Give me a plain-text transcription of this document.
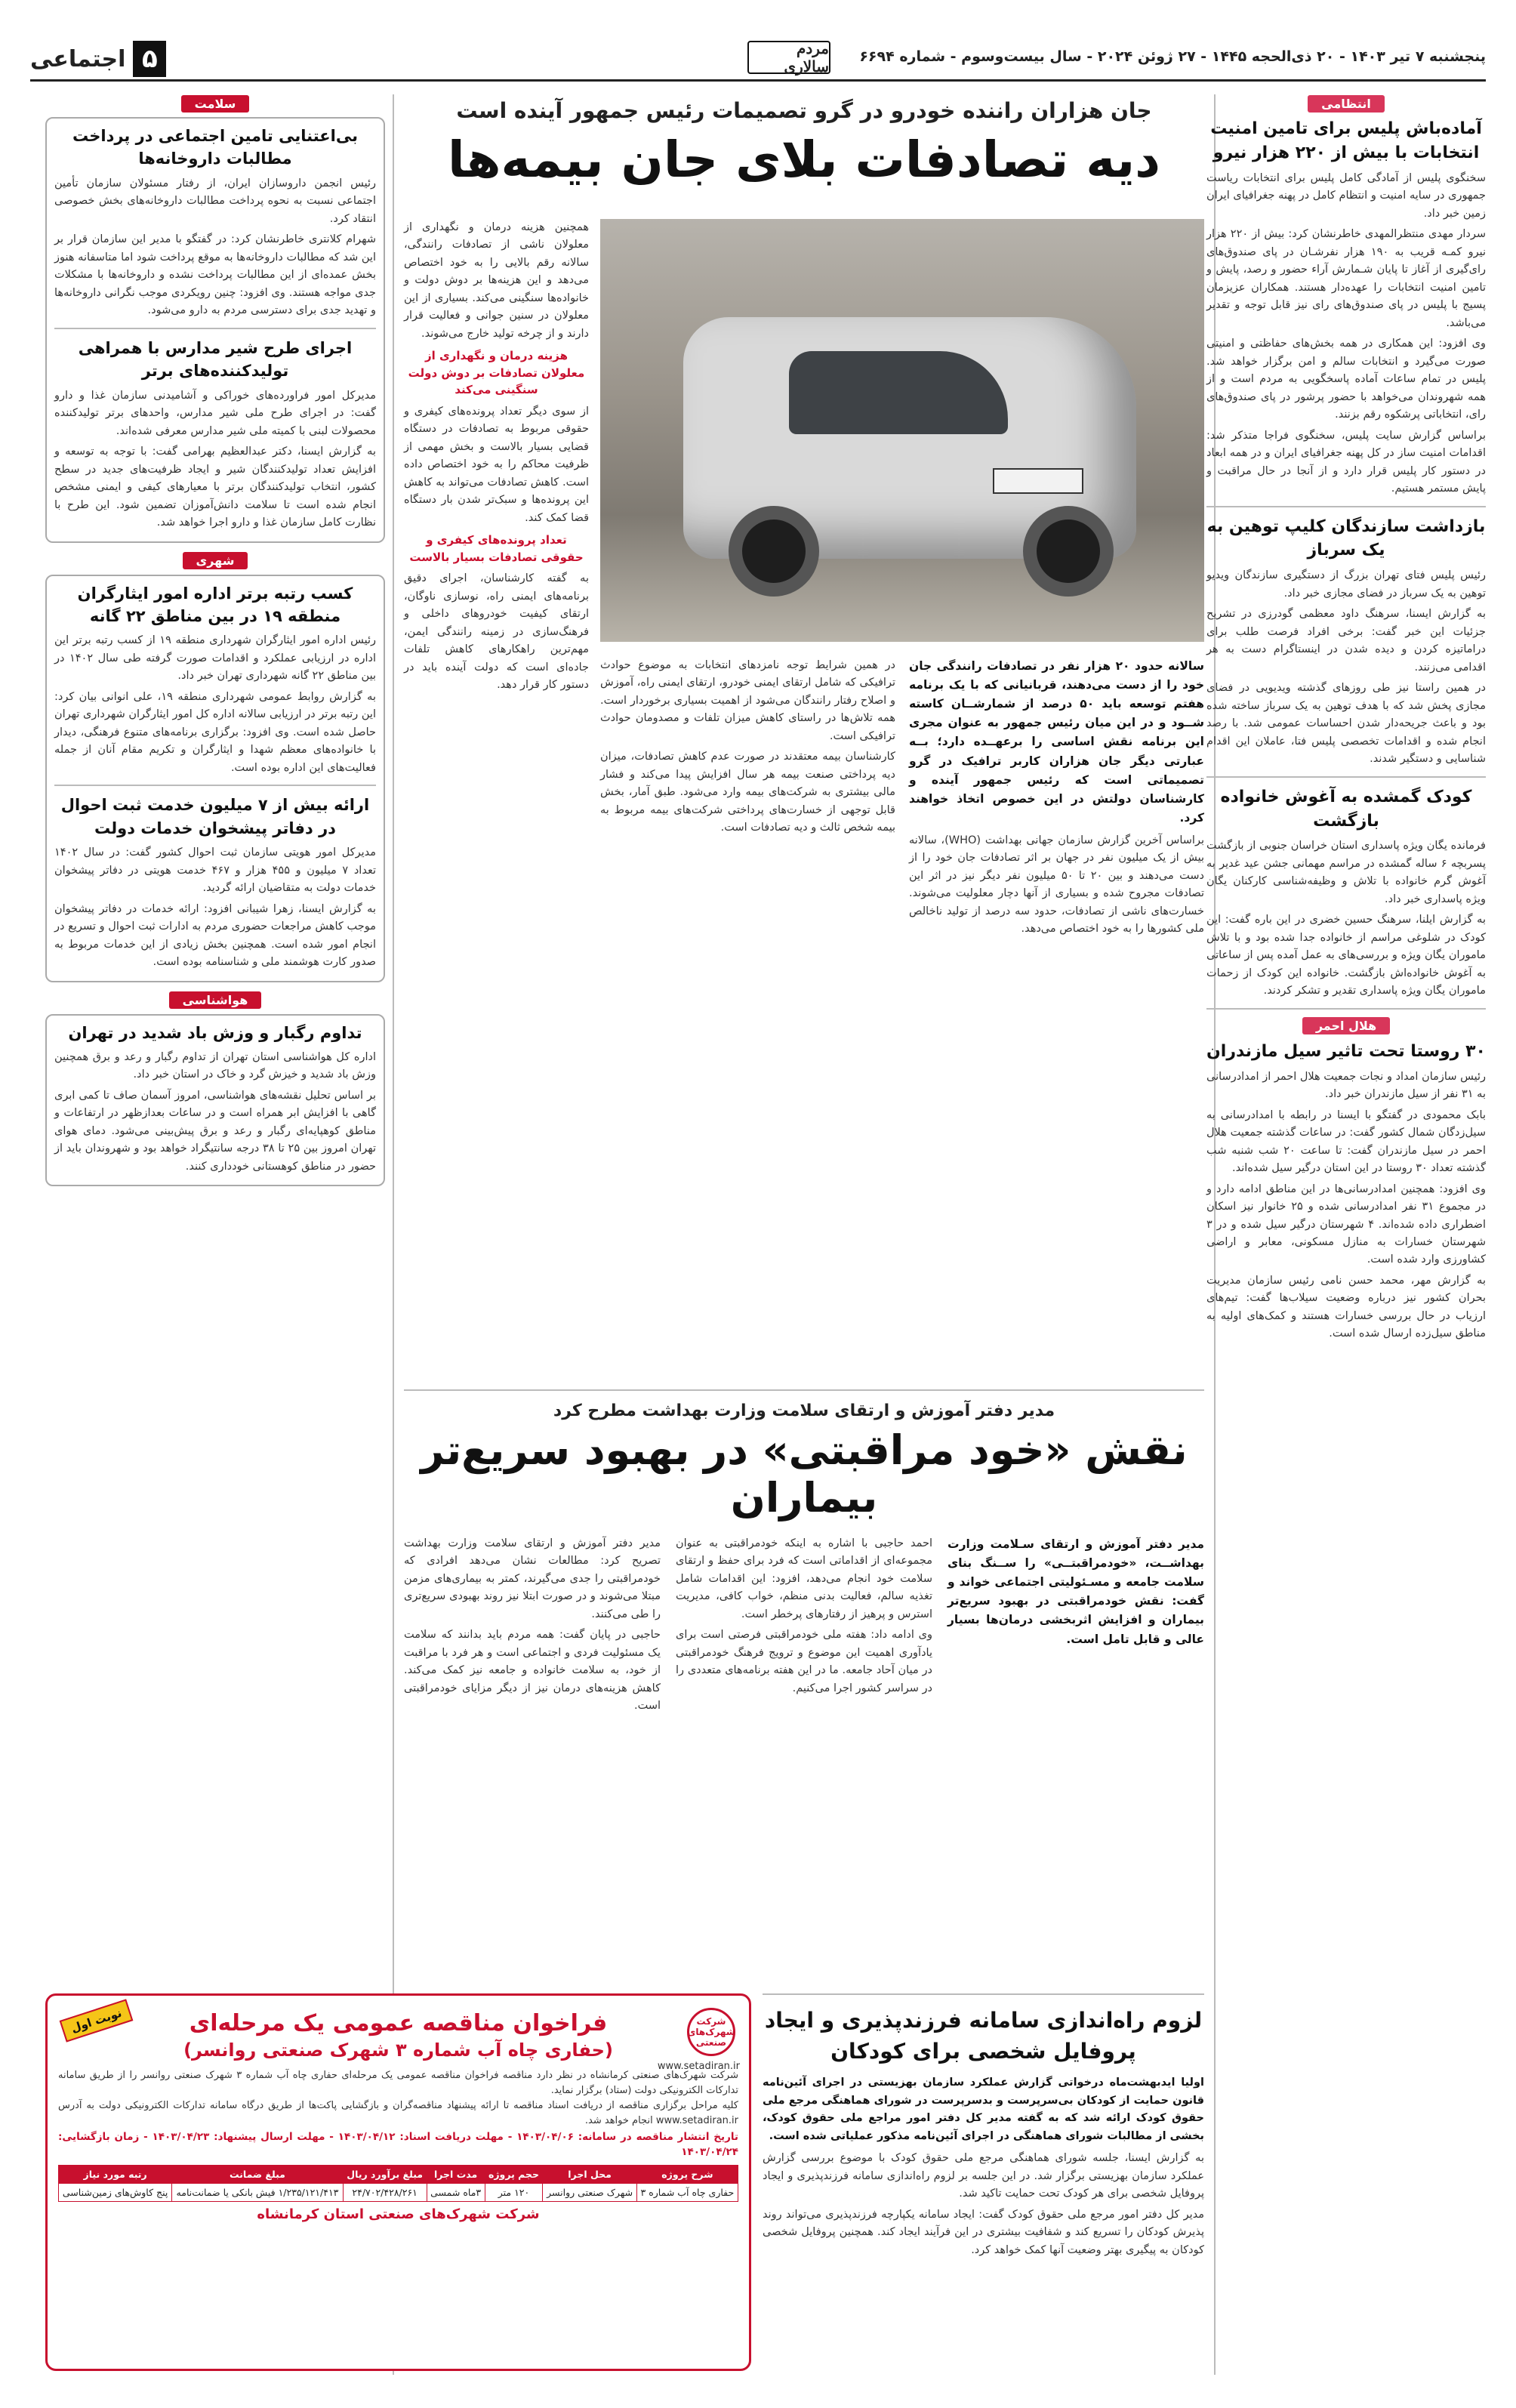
۵
اجتماعی	مردم سالاری
پنجشنبه ۷ تیر ۱۴۰۳ - ۲۰ ذی‌الحجه ۱۴۴۵ - ۲۷ ژوئن ۲۰۲۴ - سال بیست‌وسوم - شماره ۶۶۹۴
انتظامی
آماده‌باش پلیس برای تامین امنیت انتخابات با بیش از ۲۲۰ هزار نیرو

سخنگوی پلیس از آمادگی کامل پلیس برای انتخابات ریاست جمهوری در سایه امنیت و انتظام کامل در پهنه جغرافیای ایران زمین خبر داد.

سردار مهدی منتظرالمهدی خاطرنشان کرد: بیش از ۲۲۰ هزار نیرو کمـه قریب به ۱۹۰ هزار نفرشـان در پای صندوق‌های رای‌گیری از آغاز تا پایان شـمارش آراء حضور و رصد، پایش و تامین امنیت انتخابات را عهده‌دار هستند. همکاران عزیزمان پسیج با پلیس در پای صندوق‌های رای نیز قابل توجه و تقدیر می‌باشد.

وی افزود: این همکاری در همه بخش‌های حفاظتی و امنیتی صورت می‌گیرد و انتخابات سالم و امن برگزار خواهد شد. پلیس در تمام ساعات آماده پاسخگویی به مردم است و از همه شهروندان می‌خواهد با حضور پرشور در پای صندوق‌های رای، انتخاباتی پرشکوه رقم بزنند.

براساس گزارش سایت پلیس، سخنگوی فراجا متذکر شد: اقدامات امنیت ساز در کل پهنه جغرافیای ایران و در همه ابعاد در دستور کار پلیس قرار دارد و از آنجا در حال مراقبت و پایش مستمر هستیم.

بازداشت سازندگان کلیپ توهین به یک سرباز

رئیس پلیس فتای تهران بزرگ از دستگیری سازندگان ویدیو توهین به یک سرباز در فضای مجازی خبر داد.

به گزارش ایسنا، سرهنگ داود معظمی گودرزی در تشریح جزئیات این خبر گفت: برخی افراد فرصت طلب برای دراماتیزه کردن و دیده شدن در اینستاگرام دست به هر اقدامی می‌زنند.

در همین راستا نیز طی روزهای گذشته ویدیویی در فضای مجازی پخش شد که با هدف توهین به یک سرباز ساخته شده بود و باعث جریحه‌دار شدن احساسات عمومی شد. با رصد انجام شده و اقدامات تخصصی پلیس فتا، عاملان این اقدام شناسایی و دستگیر شدند.

کودک گمشده به آغوش خانواده بازگشت

فرمانده یگان ویژه پاسداری استان خراسان جنوبی از بازگشت پسربچه ۶ ساله گمشده در مراسم مهمانی جشن عید غدیر به آغوش گرم خانواده با تلاش و وظیفه‌شناسی کارکنان یگان ویژه پاسداری خبر داد.

به گزارش ایلنا، سرهنگ حسین خضری در این باره گفت: این کودک در شلوغی مراسم از خانواده جدا شده بود و با تلاش ماموران یگان ویژه و بررسی‌های به عمل آمده پس از ساعاتی به آغوش خانواده‌اش بازگشت. خانواده این کودک از زحمات ماموران یگان ویژه پاسداری تقدیر و تشکر کردند.

هلال احمر
۳۰ روستا تحت تاثیر سیل مازندران

رئیس سازمان امداد و نجات جمعیت هلال احمر از امدادرسانی به ۳۱ نفر از سیل مازندران خبر داد.

بابک محمودی در گفتگو با ایسنا در رابطه با امدادرسانی به سیل‌زدگان شمال کشور گفت: در ساعات گذشته جمعیت هلال احمر در سیل مازندران گفت: تا ساعت ۲۰ شب شنبه شب گذشته تعداد ۳۰ روستا در این استان درگیر سیل شده‌اند.

وی افزود: همچنین امدادرسانی‌ها در این مناطق ادامه دارد و در مجموع ۳۱ نفر امدادرسانی شده و ۲۵ خانوار نیز اسکان اضطراری داده شده‌اند. ۴ شهرستان درگیر سیل شده و در ۳ شهرستان خسارات به منازل مسکونی، معابر و اراضی کشاورزی وارد شده است.

به گزارش مهر، محمد حسن نامی رئیس سازمان مدیریت بحران کشور نیز درباره وضعیت سیلاب‌ها گفت: تیم‌های ارزیاب در حال بررسی خسارات هستند و کمک‌های اولیه به مناطق سیل‌زده ارسال شده است.

جان هزاران راننده خودرو در گرو تصمیمات رئیس جمهور آینده است
دیه تصادفات بلای جان بیمه‌ها

همچنین هزینه درمان و نگهداری از معلولان ناشی از تصادفات رانندگی، سالانه رقم بالایی را به خود اختصاص می‌دهد و این هزینه‌ها بر دوش دولت و خانواده‌ها سنگینی می‌کند. بسیاری از این معلولان در سنین جوانی و فعالیت قرار دارند و از چرخه تولید خارج می‌شوند.

هزینه درمان و نگهداری از معلولان تصادفات بر دوش دولت سنگینی می‌کند

از سوی دیگر تعداد پرونده‌های کیفری و حقوقی مربوط به تصادفات در دستگاه قضایی بسیار بالاست و بخش مهمی از ظرفیت محاکم را به خود اختصاص داده است. کاهش تصادفات می‌تواند به کاهش این پرونده‌ها و سبک‌تر شدن بار دستگاه قضا کمک کند.

تعداد پرونده‌های کیفری و حقوقی تصادفات بسیار بالاست

به گفته کارشناسان، اجرای دقیق برنامه‌های ایمنی راه، نوسازی ناوگان، ارتقای کیفیت خودروهای داخلی و فرهنگ‌سازی در زمینه رانندگی ایمن، مهم‌ترین راهکارهای کاهش تلفات جاده‌ای است که دولت آینده باید در دستور کار قرار دهد.

سالانه حدود ۲۰ هزار نفر در تصادفات رانندگی جان خود را از دست می‌دهند، قربانیانی که با یک برنامه هفتم توسعه باید ۵۰ درصد از شمارشــان کاسته شــود و در این میان رئیس جمهور به عنوان مجری این برنامه نقش اساسی را برعهــده دارد؛ بــه عبارتی دیگر جان هزاران کاربر ترافیک در گرو تصمیماتی است که رئیس جمهور آینده و کارشناسان دولتش در این خصوص اتخاذ خواهند کرد.

براساس آخرین گزارش سازمان جهانی بهداشت (WHO)، سالانه بیش از یک میلیون نفر در جهان بر اثر تصادفات جان خود را از دست می‌دهند و بین ۲۰ تا ۵۰ میلیون نفر دیگر نیز در اثر این تصادفات مجروح شده و بسیاری از آنها دچار معلولیت می‌شوند. خسارت‌های ناشی از تصادفات، حدود سه درصد از تولید ناخالص ملی کشورها را به خود اختصاص می‌دهد.

در همین شرایط توجه نامزدهای انتخابات به موضوع حوادث ترافیکی که شامل ارتقای ایمنی خودرو، ارتقای ایمنی راه، آموزش و اصلاح رفتار رانندگان می‌شود از اهمیت بسیاری برخوردار است. همه تلاش‌ها در راستای کاهش میزان تلفات و مصدومان حوادث ترافیکی است.

کارشناسان بیمه معتقدند در صورت عدم کاهش تصادفات، میزان دیه پرداختی صنعت بیمه هر سال افزایش پیدا می‌کند و فشار مالی بیشتری به شرکت‌های بیمه وارد می‌شود. طبق آمار، بخش قابل توجهی از خسارت‌های پرداختی شرکت‌های بیمه مربوط به بیمه شخص ثالث و دیه تصادفات است.

مدیر دفتر آموزش و ارتقای سلامت وزارت بهداشت مطرح کرد
نقش «خود مراقبتی» در بهبود سریع‌تر بیماران
مدیر دفتر آموزش و ارتقای سـلامت وزارت بهداشــت، «خودمراقبتــی» را ســنگ بنای سلامت جامعه و مسـئولیتی اجتماعی خواند و گفت: نقش خودمراقبتی در بهبود سریع‌تر بیماران و افزایش اثربخشی درمان‌ها بسیار عالی و قابل تامل است.

احمد حاجبی با اشاره به اینکه خودمراقبتی به عنوان مجموعه‌ای از اقداماتی است که فرد برای حفظ و ارتقای سلامت خود انجام می‌دهد، افزود: این اقدامات شامل تغذیه سالم، فعالیت بدنی منظم، خواب کافی، مدیریت استرس و پرهیز از رفتارهای پرخطر است.

وی ادامه داد: هفته ملی خودمراقبتی فرصتی است برای یادآوری اهمیت این موضوع و ترویج فرهنگ خودمراقبتی در میان آحاد جامعه. ما در این هفته برنامه‌های متعددی را در سراسر کشور اجرا می‌کنیم.

مدیر دفتر آموزش و ارتقای سلامت وزارت بهداشت تصریح کرد: مطالعات نشان می‌دهد افرادی که خودمراقبتی را جدی می‌گیرند، کمتر به بیماری‌های مزمن مبتلا می‌شوند و در صورت ابتلا نیز روند بهبودی سریع‌تری را طی می‌کنند.

حاجبی در پایان گفت: همه مردم باید بدانند که سلامت یک مسئولیت فردی و اجتماعی است و هر فرد با مراقبت از خود، به سلامت خانواده و جامعه نیز کمک می‌کند. کاهش هزینه‌های درمان نیز از دیگر مزایای خودمراقبتی است.

لزوم راه‌اندازی سامانه فرزندپذیری و ایجاد پروفایل شخصی برای کودکان
اولیا ایدبهشت‌ماه درخواتی گزارش عملکرد سازمان بهزیستی در اجرای آئین‌نامه قانون حمایت از کودکان بی‌سرپرست و بدسرپرست در شورای هماهنگی مرجع ملی حقوق کودک ارائه شد که به گفته مدیر کل دفتر امور مراجع ملی حقوق کودک، بخشی از مطالبات شورای هماهنگی در اجرای آئین‌نامه مذکور عملیاتی شده است.

به گزارش ایسنا، جلسه شورای هماهنگی مرجع ملی حقوق کودک با موضوع بررسی گزارش عملکرد سازمان بهزیستی برگزار شد. در این جلسه بر لزوم راه‌اندازی سامانه فرزندپذیری و ایجاد پروفایل شخصی برای هر کودک تحت حمایت تاکید شد.

مدیر کل دفتر امور مرجع ملی حقوق کودک گفت: ایجاد سامانه یکپارچه فرزندپذیری می‌تواند روند پذیرش کودکان را تسریع کند و شفافیت بیشتری در این فرآیند ایجاد کند. همچنین پروفایل شخصی کودکان به پیگیری بهتر وضعیت آنها کمک خواهد کرد.

نوبت اول	شرکت شهرک‌های صنعتی
www.setadiran.ir
فراخوان مناقصه عمومی یک مرحله‌ای
(حفاری چاه آب شماره ۳ شهرک صنعتی روانسر)

شرکت شهرک‌های صنعتی کرمانشاه در نظر دارد مناقصه فراخوان مناقصه عمومی یک مرحله‌ای حفاری چاه آب شماره ۳ شهرک صنعتی روانسر را از طریق سامانه تدارکات الکترونیکی دولت (ستاد) برگزار نماید.

کلیه مراحل برگزاری مناقصه از دریافت اسناد مناقصه تا ارائه پیشنهاد مناقصه‌گران و بازگشایی پاکت‌ها از طریق درگاه سامانه تدارکات الکترونیکی دولت به آدرس www.setadiran.ir انجام خواهد شد.

تاریخ انتشار مناقصه در سامانه: ۱۴۰۳/۰۴/۰۶ - مهلت دریافت اسناد: ۱۴۰۳/۰۴/۱۲ - مهلت ارسال پیشنهاد: ۱۴۰۳/۰۴/۲۳ - زمان بازگشایی: ۱۴۰۳/۰۴/۲۴

شرح پروژه	محل اجرا	حجم پروژه	مدت اجرا	مبلغ برآورد ریال	مبلغ ضمانت	رتبه مورد نیاز
حفاری چاه آب شماره ۳	شهرک صنعتی روانسر	۱۲۰ متر	۳ماه شمسی	۲۴/۷۰۲/۴۲۸/۲۶۱	۱/۲۳۵/۱۲۱/۴۱۳ فیش بانکی یا ضمانت‌نامه	پنج کاوش‌های زمین‌شناسی
شرکت شهرک‌های صنعتی استان کرمانشاه
سلامت
بی‌اعتنایی تامین اجتماعی در پرداخت مطالبات داروخانه‌ها

رئیس انجمن داروسازان ایران، از رفتار مسئولان سازمان تأمین اجتماعی نسبت به نحوه پرداخت مطالبات داروخانه‌های بخش خصوصی انتقاد کرد.

شهرام کلانتری خاطرنشان کرد: در گفتگو با مدیر این سازمان قرار بر این شد که مطالبات داروخانه‌ها به موقع پرداخت شود اما متاسفانه هنوز بخش عمده‌ای از این مطالبات پرداخت نشده و داروخانه‌ها با مشکلات جدی مواجه هستند. وی افزود: چنین رویکردی موجب نگرانی داروخانه‌ها و تهدید جدی برای دسترسی مردم به دارو می‌شود.

اجرای طرح شیر مدارس با همراهی تولیدکننده‌های برتر

مدیرکل امور فراورده‌های خوراکی و آشامیدنی سازمان غذا و دارو گفت: در اجرای طرح ملی شیر مدارس، واحدهای برتر تولیدکننده محصولات لبنی با کمیته ملی شیر مدارس معرفی شده‌اند.

به گزارش ایسنا، دکتر عبدالعظیم بهرامی گفت: با توجه به توسعه و افزایش تعداد تولیدکنندگان شیر و ایجاد ظرفیت‌های جدید در سطح کشور، انتخاب تولیدکنندگان برتر با معیارهای کیفی و ایمنی مشخص انجام شده است تا سلامت دانش‌آموزان تضمین شود. این طرح با نظارت کامل سازمان غذا و دارو اجرا خواهد شد.

شهری
کسب رتبه برتر اداره امور ایثارگران منطقه ۱۹ در بین مناطق ۲۲ گانه

رئیس اداره امور ایثارگران شهرداری منطقه ۱۹ از کسب رتبه برتر این اداره در ارزیابی عملکرد و اقدامات صورت گرفته طی سال ۱۴۰۲ در بین مناطق ۲۲ گانه شهرداری تهران خبر داد.

به گزارش روابط عمومی شهرداری منطقه ۱۹، علی انوانی بیان کرد: این رتبه برتر در ارزیابی سالانه اداره کل امور ایثارگران شهرداری تهران حاصل شده است. وی افزود: برگزاری برنامه‌های متنوع فرهنگی، دیدار با خانواده‌های معظم شهدا و ایثارگران و تکریم مقام آنان از جمله فعالیت‌های این اداره بوده است.

ارائه بیش از ۷ میلیون خدمت ثبت احوال در دفاتر پیشخوان خدمات دولت

مدیرکل امور هویتی سازمان ثبت احوال کشور گفت: در سال ۱۴۰۲ تعداد ۷ میلیون و ۴۵۵ هزار و ۴۶۷ خدمت هویتی در دفاتر پیشخوان خدمات دولت به متقاضیان ارائه گردید.

به گزارش ایسنا، زهرا شیبانی افزود: ارائه خدمات در دفاتر پیشخوان موجب کاهش مراجعات حضوری مردم به ادارات ثبت احوال و تسریع در انجام امور شده است. همچنین بخش زیادی از این خدمات مربوط به صدور کارت هوشمند ملی و شناسنامه بوده است.

هواشناسی
تداوم رگبار و وزش باد شدید در تهران

اداره کل هواشناسی استان تهران از تداوم رگبار و رعد و برق همچنین وزش باد شدید و خیزش گرد و خاک در استان خبر داد.

بر اساس تحلیل نقشه‌های هواشناسی، امروز آسمان صاف تا کمی ابری گاهی با افزایش ابر همراه است و در ساعات بعدازظهر در ارتفاعات و مناطق کوهپایه‌ای رگبار و رعد و برق پیش‌بینی می‌شود. دمای هوای تهران امروز بین ۲۵ تا ۳۸ درجه سانتیگراد خواهد بود و شهروندان باید از حضور در مناطق کوهستانی خودداری کنند.
